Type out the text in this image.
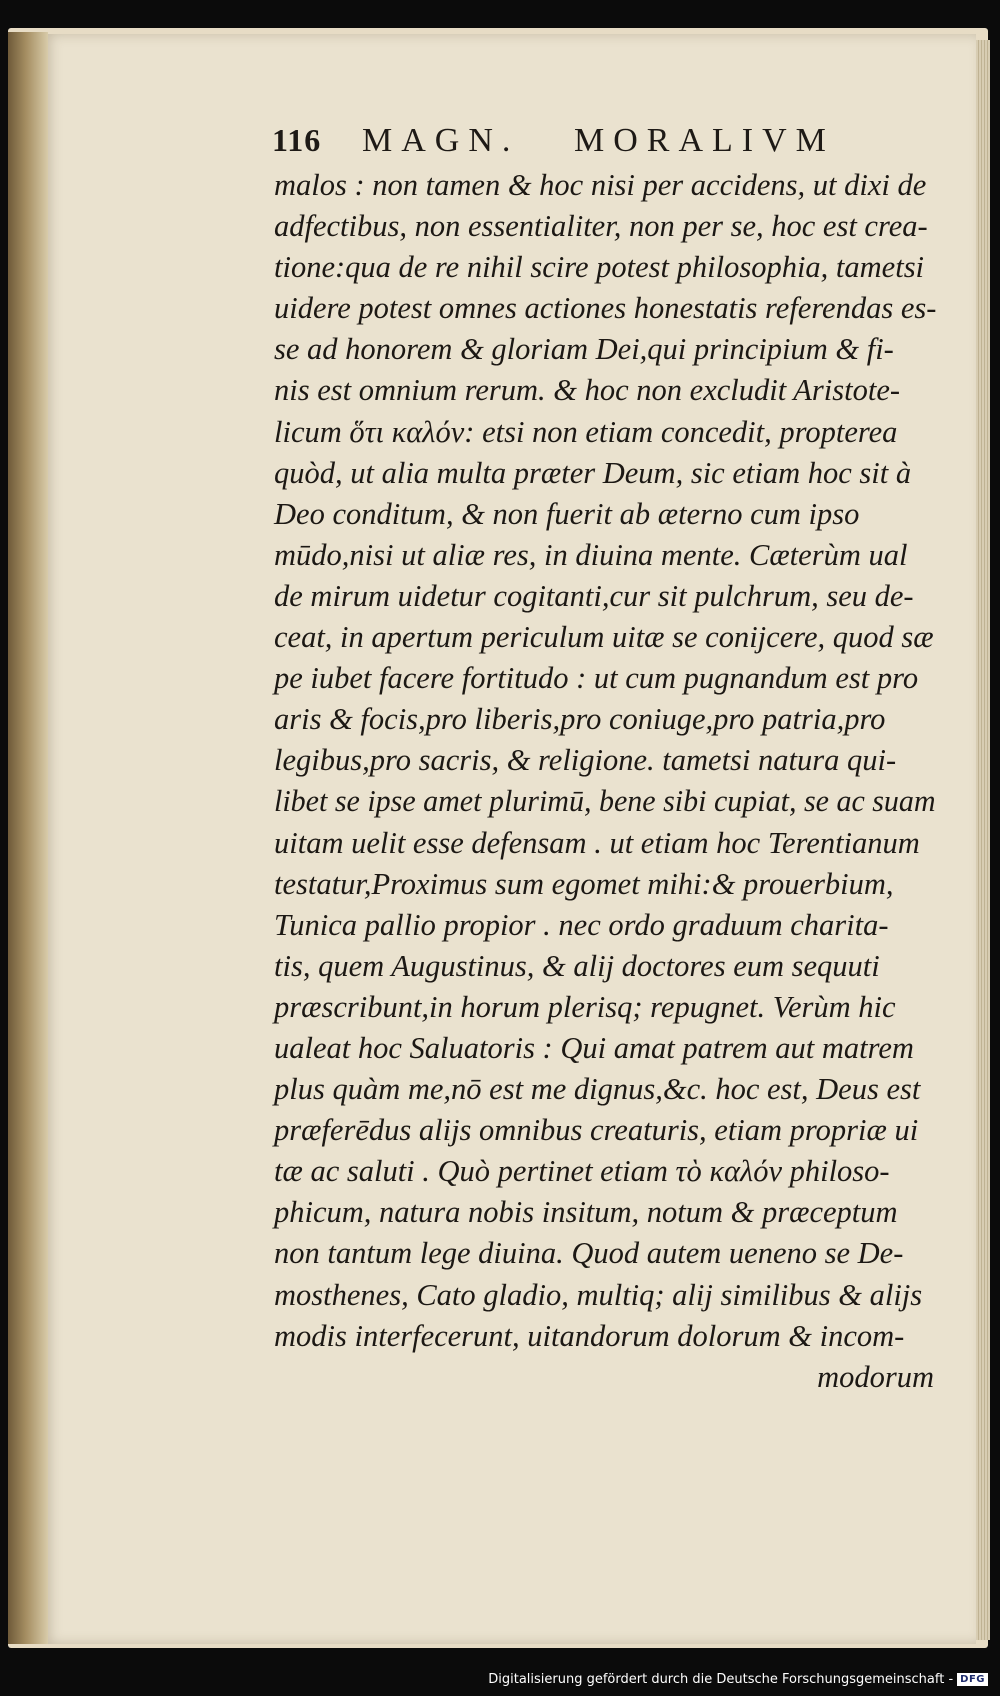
116 MAGN. MORALIVM
malos : non tamen & hoc nisi per accidens, ut dixi de
adfectibus, non essentialiter, non per se, hoc est crea-
tione:qua de re nihil scire potest philosophia, tametsi
uidere potest omnes actiones honestatis referendas es-
se ad honorem & gloriam Dei,qui principium & fi-
nis est omnium rerum. & hoc non excludit Aristote-
licum ὅτι καλόν: etsi non etiam concedit, propterea
quòd, ut alia multa præter Deum, sic etiam hoc sit à
Deo conditum, & non fuerit ab æterno cum ipso
mūdo,nisi ut aliæ res, in diuina mente. Cæterùm ual
de mirum uidetur cogitanti,cur sit pulchrum, seu de-
ceat, in apertum periculum uitæ se conijcere, quod sæ
pe iubet facere fortitudo : ut cum pugnandum est pro
aris & focis,pro liberis,pro coniuge,pro patria,pro
legibus,pro sacris, & religione. tametsi natura qui-
libet se ipse amet plurimū, bene sibi cupiat, se ac suam
uitam uelit esse defensam . ut etiam hoc Terentianum
testatur,Proximus sum egomet mihi:& prouerbium,
Tunica pallio propior . nec ordo graduum charita-
tis, quem Augustinus, & alij doctores eum sequuti
præscribunt,in horum plerisq; repugnet. Verùm hic
ualeat hoc Saluatoris : Qui amat patrem aut matrem
plus quàm me,nō est me dignus,&c. hoc est, Deus est
præferēdus alijs omnibus creaturis, etiam propriæ ui
tæ ac saluti . Quò pertinet etiam τὸ καλόν philoso-
phicum, natura nobis insitum, notum & præceptum
non tantum lege diuina. Quod autem ueneno se De-
mosthenes, Cato gladio, multiq; alij similibus & alijs
modis interfecerunt, uitandorum dolorum & incom-
modorum
Digitalisierung gefördert durch die Deutsche Forschungsgemeinschaft - DFG
